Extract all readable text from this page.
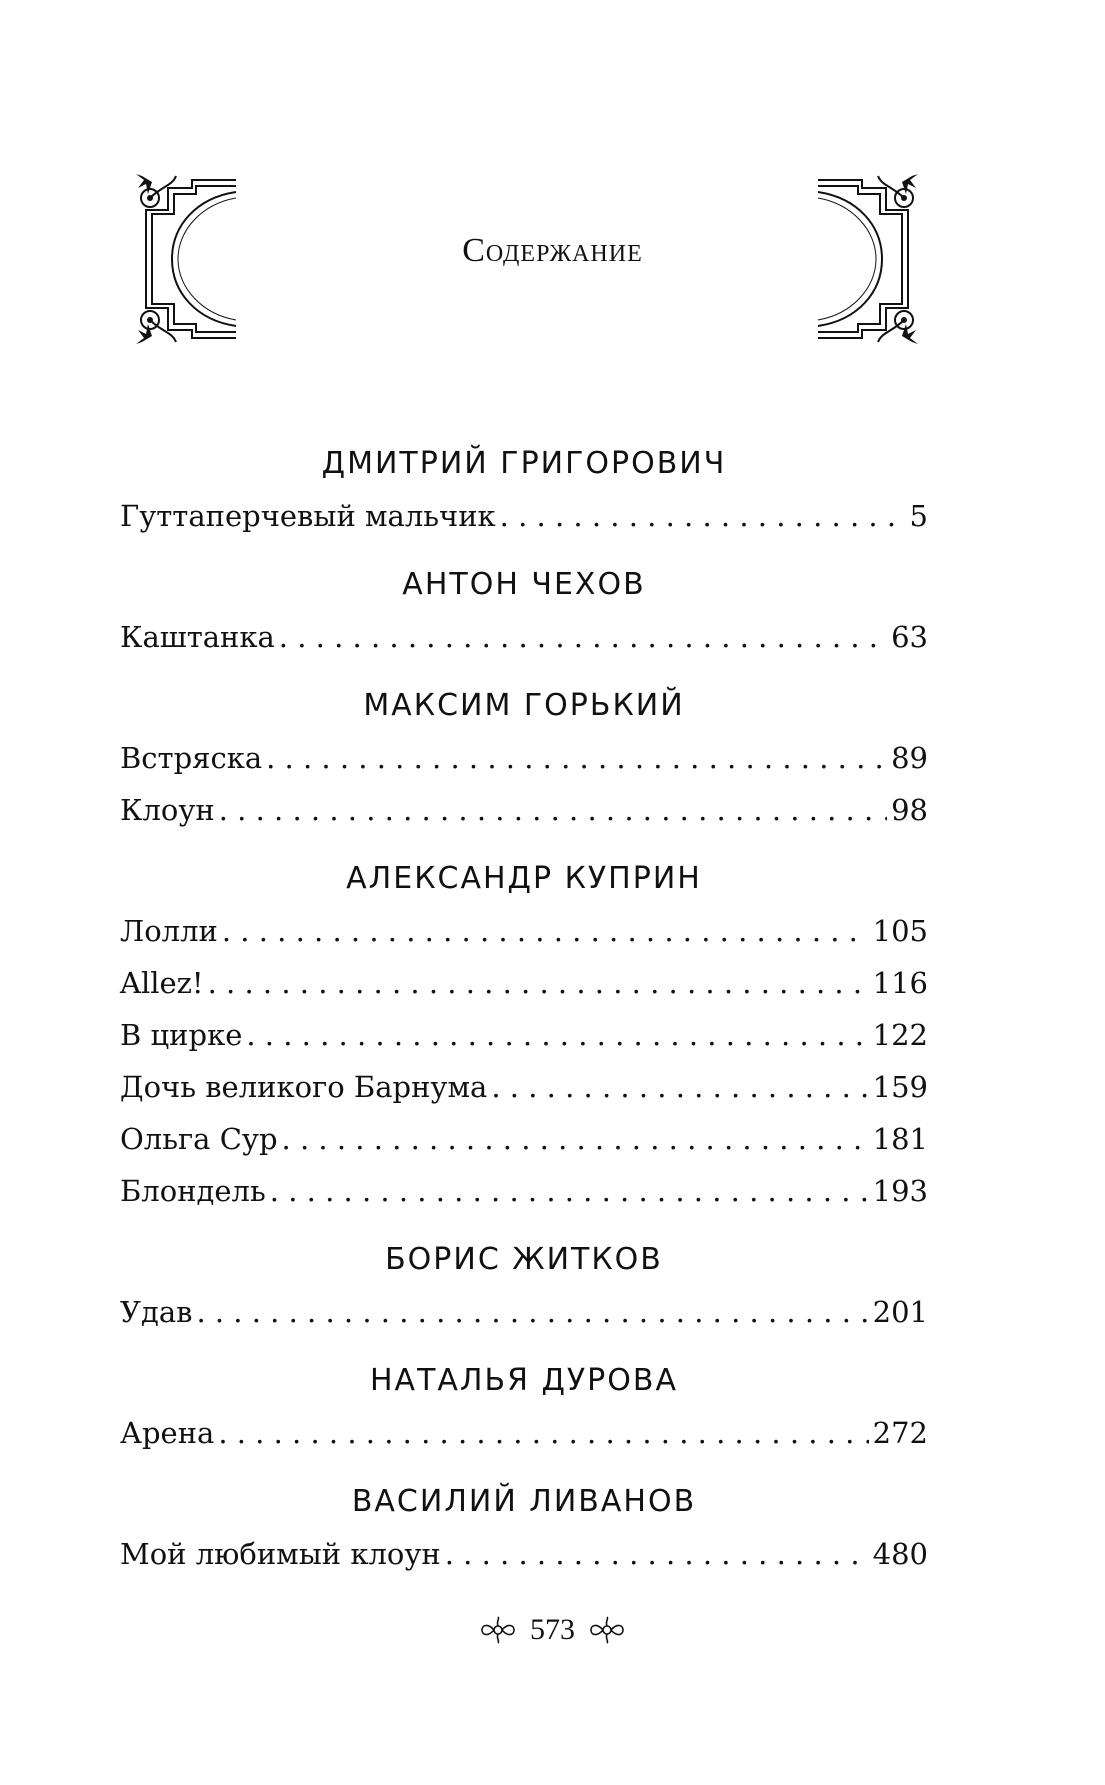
Содержание
ДМИТРИЙ ГРИГОРОВИЧ
Гуттаперчевый мальчик . . .	5
АНТОН ЧЕХОВ
Каштанка . . .	63
МАКСИМ ГОРЬКИЙ
Встряска . . .	89
Клоун . . .	98
АЛЕКСАНДР КУПРИН
Лолли . . .	105
Allez! . . .	116
В цирке . . .	122
Дочь великого Барнума . . .	159
Ольга Сур . . .	181
Блондель . . .	193
БОРИС ЖИТКОВ
Удав . . .	201
НАТАЛЬЯ ДУРОВА
Арена . . .	272
ВАСИЛИЙ ЛИВАНОВ
Мой любимый клоун . . .	480
573
